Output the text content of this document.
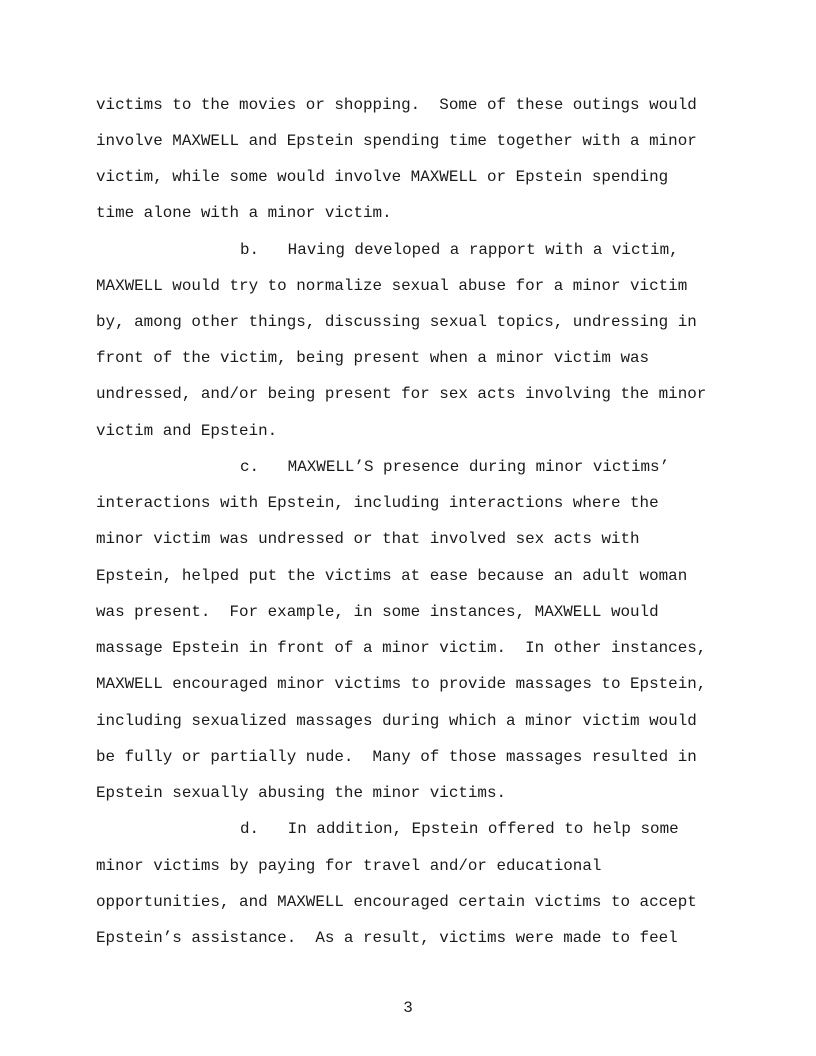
victims to the movies or shopping.  Some of these outings would
involve MAXWELL and Epstein spending time together with a minor
victim, while some would involve MAXWELL or Epstein spending
time alone with a minor victim.
b.   Having developed a rapport with a victim,
MAXWELL would try to normalize sexual abuse for a minor victim
by, among other things, discussing sexual topics, undressing in
front of the victim, being present when a minor victim was
undressed, and/or being present for sex acts involving the minor
victim and Epstein.
c.   MAXWELL’S presence during minor victims’
interactions with Epstein, including interactions where the
minor victim was undressed or that involved sex acts with
Epstein, helped put the victims at ease because an adult woman
was present.  For example, in some instances, MAXWELL would
massage Epstein in front of a minor victim.  In other instances,
MAXWELL encouraged minor victims to provide massages to Epstein,
including sexualized massages during which a minor victim would
be fully or partially nude.  Many of those massages resulted in
Epstein sexually abusing the minor victims.
d.   In addition, Epstein offered to help some
minor victims by paying for travel and/or educational
opportunities, and MAXWELL encouraged certain victims to accept
Epstein’s assistance.  As a result, victims were made to feel
3
